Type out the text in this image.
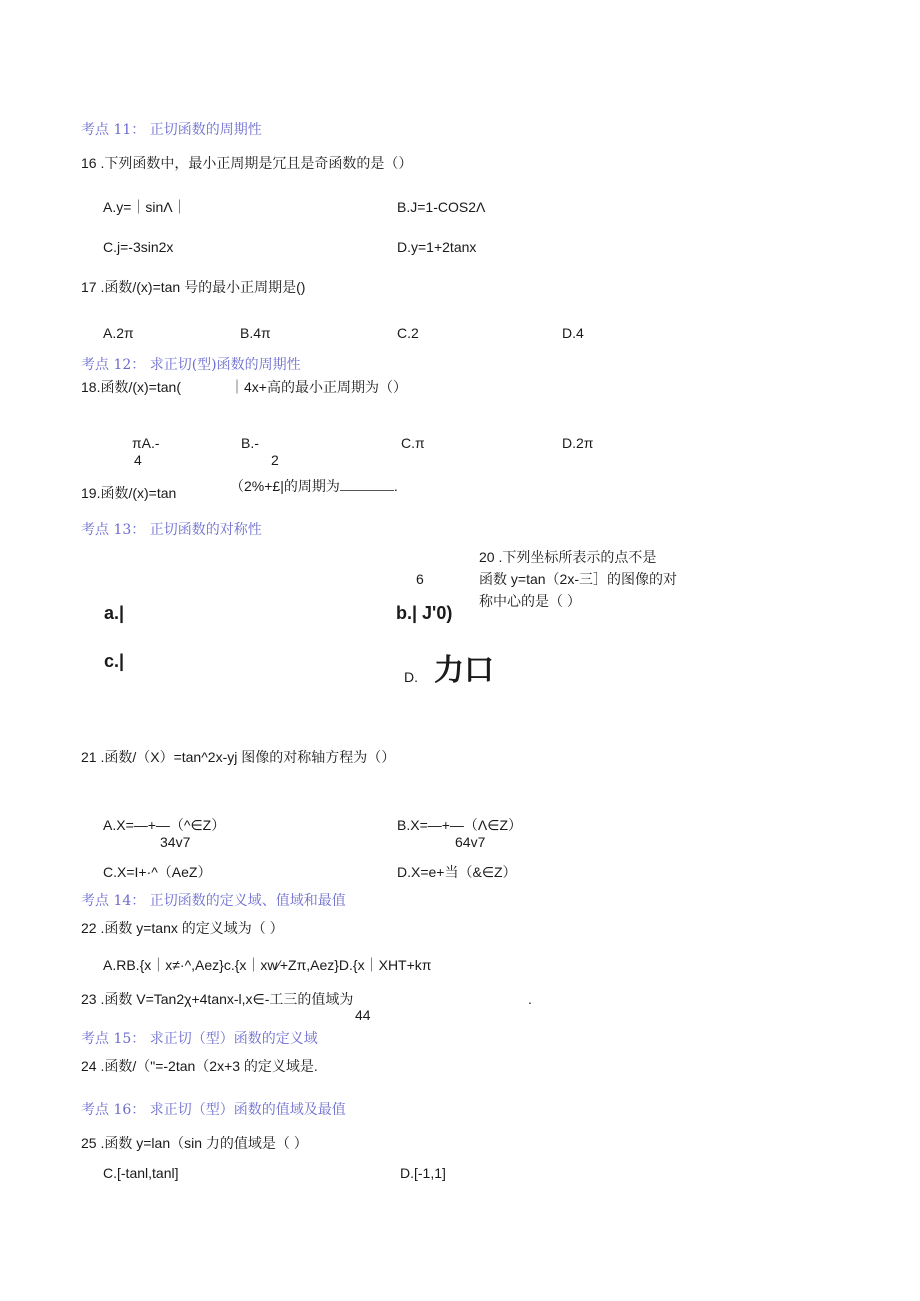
考点 11： 正切函数的周期性
16 .下列函数中，最小正周期是冗且是奇函数的是（）
A.y=｜sinΛ｜	B.J=1-COS2Λ
C.j=-3sin2x	D.y=1+2tanx
17 .函数/(x)=tan 号的最小正周期是()
A.2π	B.4π	C.2	D.4
考点 12： 求正切(型)函数的周期性
18.函数/(x)=tan(	｜4x+高的最小正周期为（）
πA.-
4
B.-
2
C.π	D.2π
19.函数/(x)=tan	（2%+£|的周期为	.
考点 13： 正切函数的对称性
20 .下列坐标所表示的点不是
函数 y=tan（2x-三］的图像的对
称中心的是（ ）
6
a.|	b.| J'0)
c.|
D. 力口
21 .函数/（X）=tan^2x-yj 图像的对称轴方程为（）
A.X=—+—（^∈Z）
34v7
B.X=—+—（Λ∈Z）
64v7
C.X=I+·^（AeZ）	D.X=e+当（&∈Z）
考点 14： 正切函数的定义域、值域和最值
22 .函数 y=tanx 的定义域为（ ）
A.RB.{x｜x≠·^,Aez}c.{x｜xw∕+Zπ,Aez}D.{x｜XHT+kπ
23 .函数 V=Tan2χ+4tanx-l,x∈-工三的值域为
44
.
考点 15： 求正切（型）函数的定义域
24 .函数/（"=-2tan（2x+3 的定义域是.
考点 16： 求正切（型）函数的值域及最值
25 .函数 y=lan（sin 力的值域是（ ）
C.[-tanl,tanl]	D.[-1,1]
